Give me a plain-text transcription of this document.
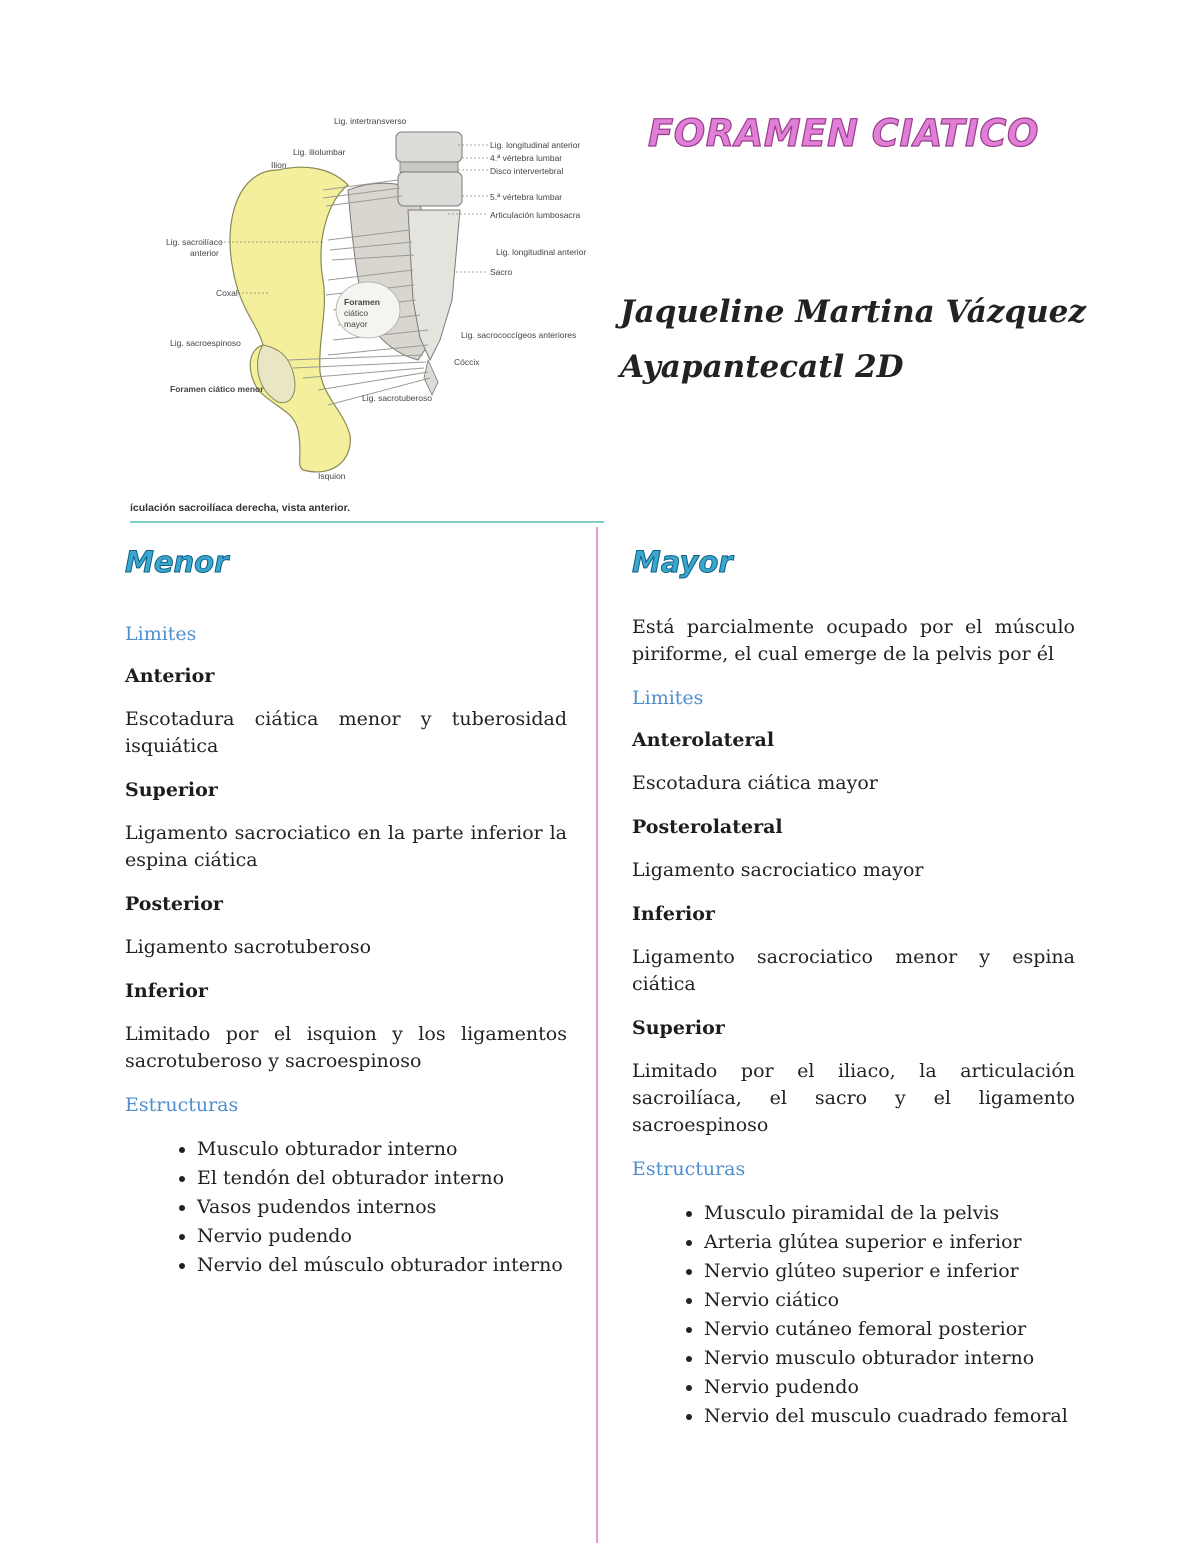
Lig. intertransverso
Lig. iliolumbar
Ilion
Lig. longitudinal anterior
4.ª vértebra lumbar
Disco intervertebral
5.ª vértebra lumbar
Articulación lumbosacra
Lig. sacroilíaco
anterior	Lig. longitudinal anterior
Sacro
Coxal
Foramen
ciático
mayor
Lig. sacroespinoso
Lig. sacrococcígeos anteriores
Cóccix
Foramen ciático menor
Lig. sacrotuberoso
Isquion
ículación sacroilíaca derecha, vista anterior.
FORAMEN CIATICO
Jaqueline Martina Vázquez
Ayapantecatl 2D
Menor
Limites
Anterior
Escotadura ciática menor y tuberosidad isquiática
Superior
Ligamento sacrociatico en la parte inferior la espina ciática
Posterior
Ligamento sacrotuberoso
Inferior
Limitado por el isquion y los ligamentos sacrotuberoso y sacroespinoso
Estructuras
• Musculo obturador interno
• El tendón del obturador interno
• Vasos pudendos internos
• Nervio pudendo
• Nervio del músculo obturador interno
Mayor
Está parcialmente ocupado por el músculo piriforme, el cual emerge de la pelvis por él
Limites
Anterolateral
Escotadura ciática mayor
Posterolateral
Ligamento sacrociatico mayor
Inferior
Ligamento sacrociatico menor y espina ciática
Superior
Limitado por el iliaco, la articulación sacroilíaca, el sacro y el ligamento sacroespinoso
Estructuras
• Musculo piramidal de la pelvis
• Arteria glútea superior e inferior
• Nervio glúteo superior e inferior
• Nervio ciático
• Nervio cutáneo femoral posterior
• Nervio musculo obturador interno
• Nervio pudendo
• Nervio del musculo cuadrado femoral
